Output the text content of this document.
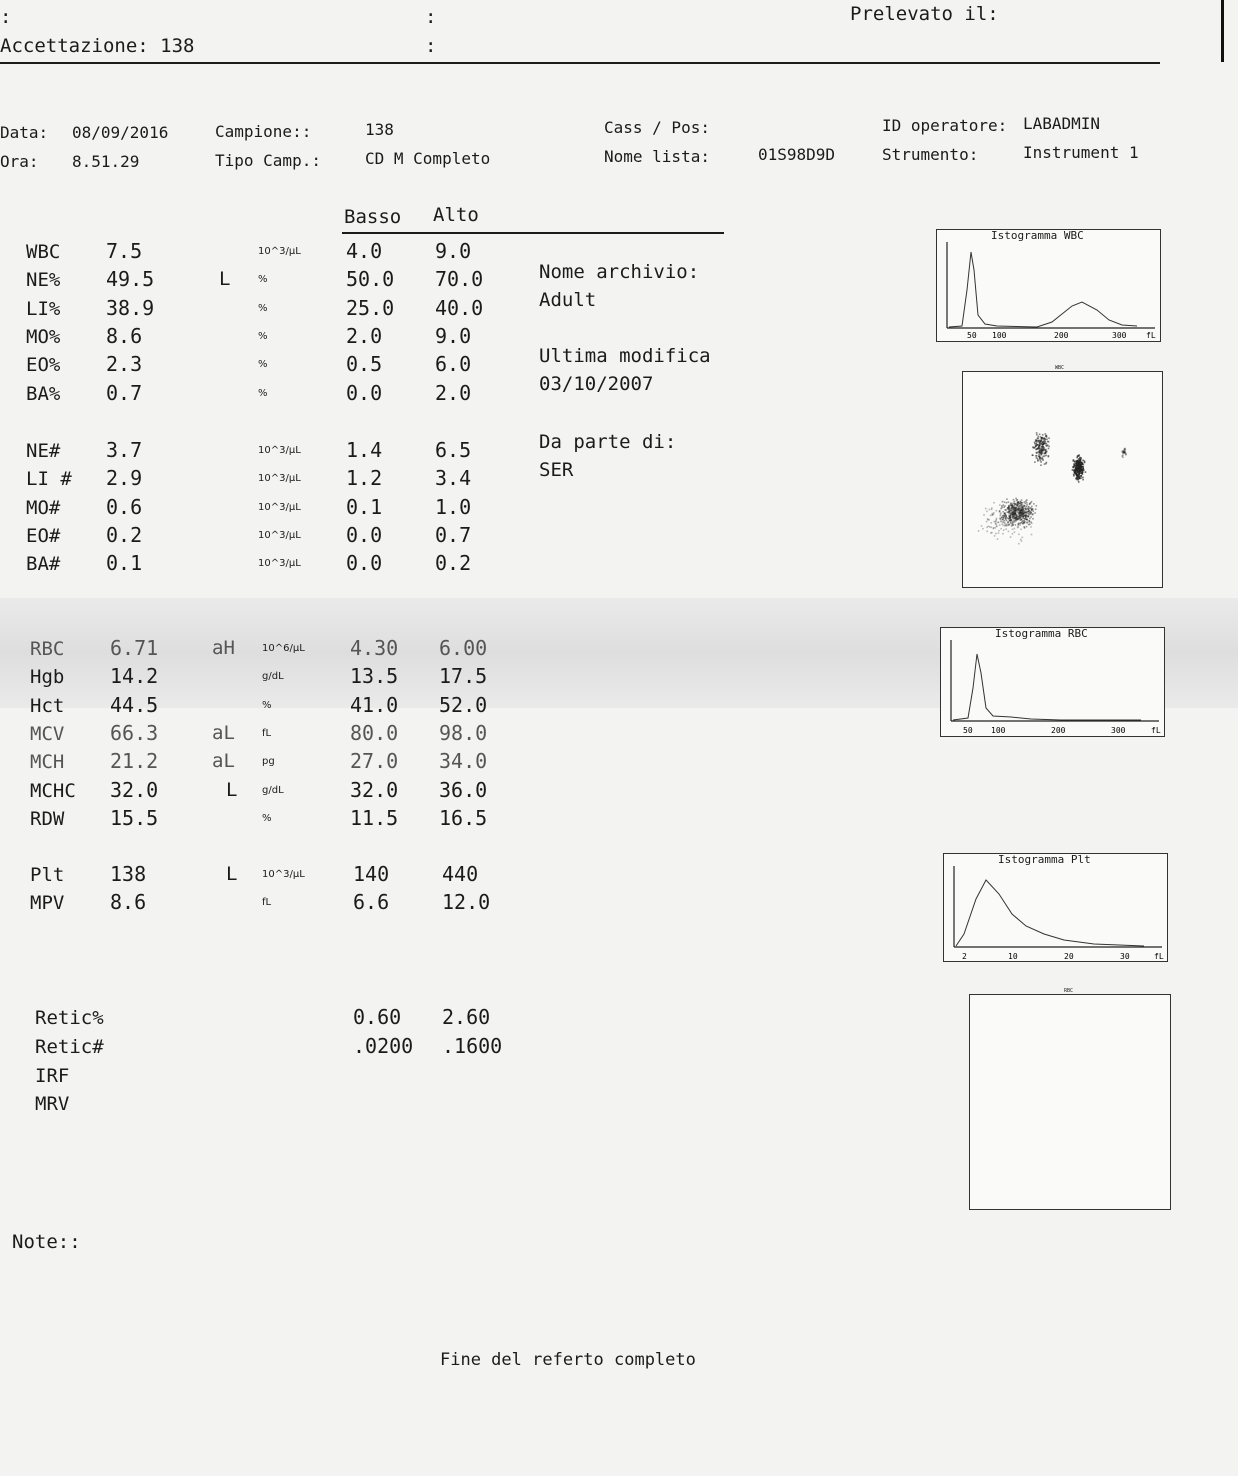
:	:	Prelevato il:
Accettazione: 138	:
Data: 08/09/2016
Ora: 8.51.29
Campione::	138
Tipo Camp.:	CD M Completo
Cass / Pos:
Nome lista:	01S98D9D
ID operatore: LABADMIN
Strumento:	Instrument 1
Basso Alto
WBC 7.5	10^3/µL 4.0	9.0
NE% 49.5	L	%	50.0 70.0
LI% 38.9	%	25.0 40.0
MO% 8.6	%	2.0	9.0
EO% 2.3	%	0.5	6.0
BA% 0.7	%	0.0	2.0
NE# 3.7	10^3/µL 1.4	6.5
LI # 2.9	10^3/µL 1.2	3.4
MO# 0.6	10^3/µL 0.1	1.0
EO# 0.2	10^3/µL 0.0	0.7
BA# 0.1	10^3/µL 0.0	0.2
RBC 6.71	aH	10^6/µL 4.30 6.00
Hgb 14.2	g/dL	13.5 17.5
Hct 44.5	%	41.0 52.0
MCV 66.3	aL	fL	80.0 98.0
MCH 21.2	aL	pg	27.0 34.0
MCHC 32.0	L g/dL	32.0 36.0
RDW 15.5	%	11.5 16.5
Plt 138	L 10^3/µL 140	440
MPV 8.6	fL	6.6	12.0
Retic%	0.60 2.60
Retic#	.0200 .1600
IRF
MRV
Nome archivio:
Adult
Ultima modifica
03/10/2007
Da parte di:
SER
Istogramma WBC
50 100	200	300 fL
WBC
Istogramma RBC
50 100	200	300	fL
Istogramma Plt
2	10	20	30	fL
RBC
Note::
Fine del referto completo
